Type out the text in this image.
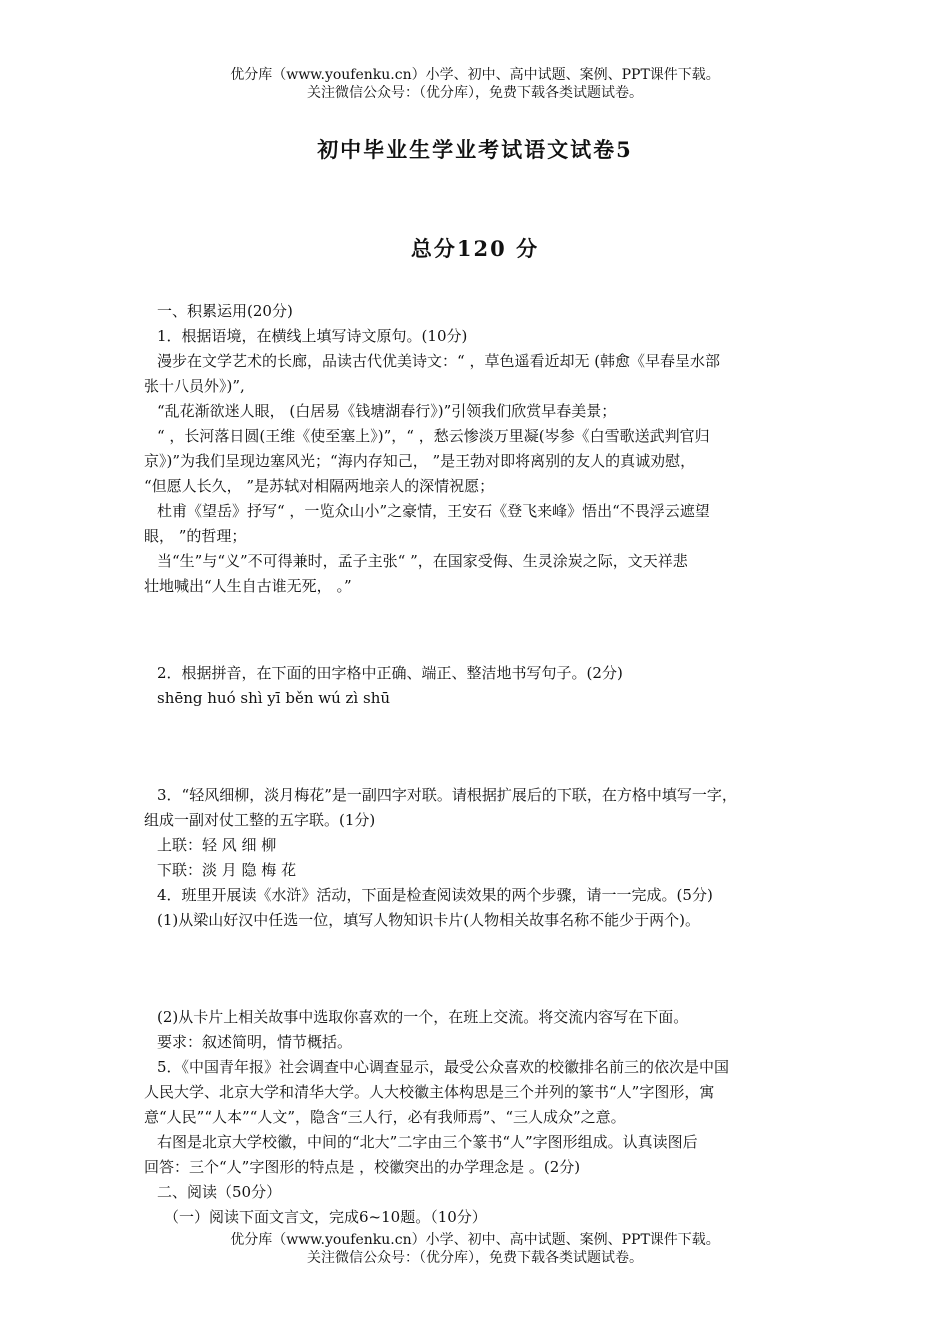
优分库（www.youfenku.cn）小学、初中、高中试题、案例、PPT课件下载。
关注微信公众号：（优分库），免费下载各类试题试卷。
初中毕业生学业考试语文试卷5
总分120 分

一、积累运用(20分)

1．根据语境，在横线上填写诗文原句。(10分)

漫步在文学艺术的长廊，品读古代优美诗文：“ ，草色遥看近却无 (韩愈《早春呈水部

张十八员外》)”,

“乱花渐欲迷人眼， (白居易《钱塘湖春行》)”引领我们欣赏早春美景；

“ ，长河落日圆(王维《使至塞上》)”，“ ，愁云惨淡万里凝(岑参《白雪歌送武判官归

京》)”为我们呈现边塞风光；“海内存知己， ”是王勃对即将离别的友人的真诚劝慰，

“但愿人长久， ”是苏轼对相隔两地亲人的深情祝愿；

杜甫《望岳》抒写“ ，一览众山小”之豪情，王安石《登飞来峰》悟出“不畏浮云遮望

眼， ”的哲理；

当“生”与“义”不可得兼时，孟子主张“ ”，在国家受侮、生灵涂炭之际，文天祥悲

壮地喊出“人生自古谁无死， 。”

2．根据拼音，在下面的田字格中正确、端正、整洁地书写句子。(2分)

shēng huó shì yī běn wú zì shū

3．“轻风细柳，淡月梅花”是一副四字对联。请根据扩展后的下联，在方格中填写一字，

组成一副对仗工整的五字联。(1分)

上联：轻 风 细 柳

下联：淡 月 隐 梅 花

4．班里开展读《水浒》活动，下面是检查阅读效果的两个步骤，请一一完成。(5分)

(1)从梁山好汉中任选一位，填写人物知识卡片(人物相关故事名称不能少于两个)。

(2)从卡片上相关故事中选取你喜欢的一个，在班上交流。将交流内容写在下面。

要求：叙述简明，情节概括。

5．《中国青年报》社会调查中心调查显示，最受公众喜欢的校徽排名前三的依次是中国

人民大学、北京大学和清华大学。人大校徽主体构思是三个并列的篆书“人”字图形，寓

意“人民”“人本”“人文”，隐含“三人行，必有我师焉”、“三人成众”之意。

右图是北京大学校徽，中间的“北大”二字由三个篆书“人”字图形组成。认真读图后

回答：三个“人”字图形的特点是 ，校徽突出的办学理念是 。(2分)

二、阅读（50分）

（一）阅读下面文言文，完成6~10题。（10分）

优分库（www.youfenku.cn）小学、初中、高中试题、案例、PPT课件下载。
关注微信公众号：（优分库），免费下载各类试题试卷。
